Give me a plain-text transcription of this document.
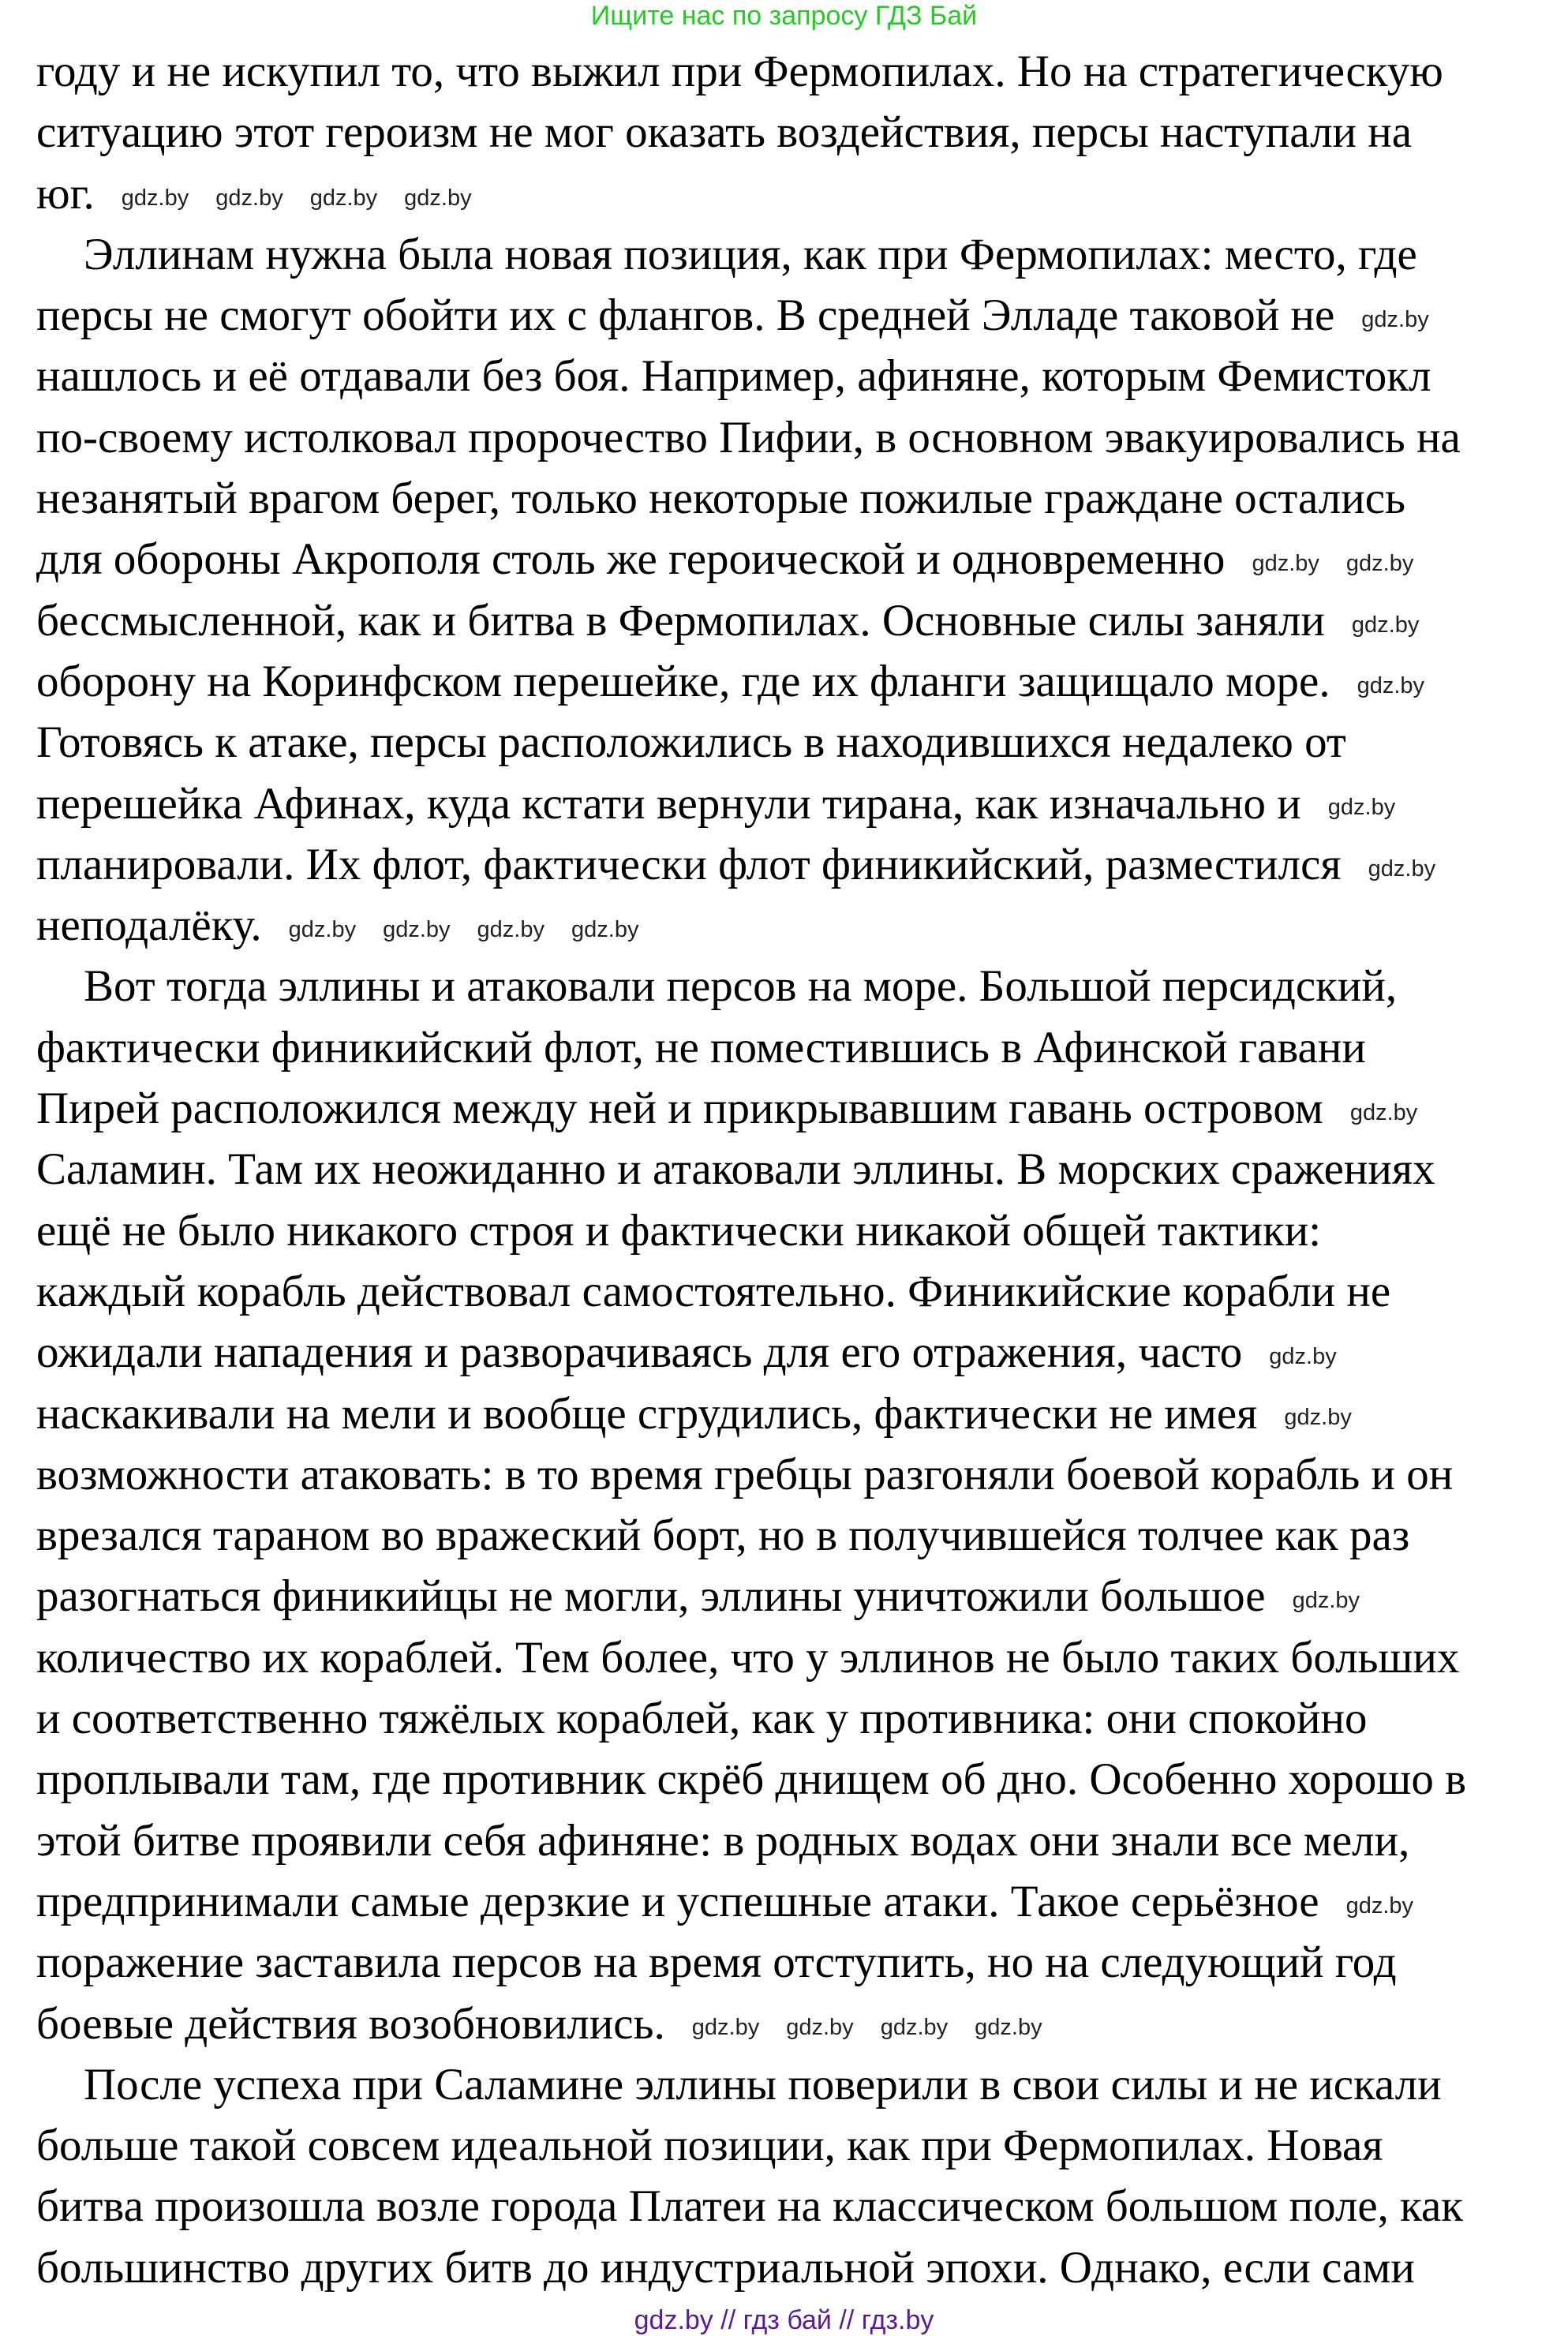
Ищите нас по запросу ГДЗ Бай
году и не искупил то, что выжил при Фермопилах. Но на стратегическую
ситуацию этот героизм не мог оказать воздействия, персы наступали на
юг. gdz.by gdz.by gdz.by gdz.by
Эллинам нужна была новая позиция, как при Фермопилах: место, где
персы не смогут обойти их с флангов. В средней Элладе таковой не gdz.by
нашлось и её отдавали без боя. Например, афиняне, которым Фемистокл
по-своему истолковал пророчество Пифии, в основном эвакуировались на
незанятый врагом берег, только некоторые пожилые граждане остались
для обороны Акрополя столь же героической и одновременно gdz.by gdz.by
бессмысленной, как и битва в Фермопилах. Основные силы заняли gdz.by
оборону на Коринфском перешейке, где их фланги защищало море. gdz.by
Готовясь к атаке, персы расположились в находившихся недалеко от
перешейка Афинах, куда кстати вернули тирана, как изначально и gdz.by
планировали. Их флот, фактически флот финикийский, разместился gdz.by
неподалёку. gdz.by gdz.by gdz.by gdz.by
Вот тогда эллины и атаковали персов на море. Большой персидский,
фактически финикийский флот, не поместившись в Афинской гавани
Пирей расположился между ней и прикрывавшим гавань островом gdz.by
Саламин. Там их неожиданно и атаковали эллины. В морских сражениях
ещё не было никакого строя и фактически никакой общей тактики:
каждый корабль действовал самостоятельно. Финикийские корабли не
ожидали нападения и разворачиваясь для его отражения, часто gdz.by
наскакивали на мели и вообще сгрудились, фактически не имея gdz.by
возможности атаковать: в то время гребцы разгоняли боевой корабль и он
врезался тараном во вражеский борт, но в получившейся толчее как раз
разогнаться финикийцы не могли, эллины уничтожили большое gdz.by
количество их кораблей. Тем более, что у эллинов не было таких больших
и соответственно тяжёлых кораблей, как у противника: они спокойно
проплывали там, где противник скрёб днищем об дно. Особенно хорошо в
этой битве проявили себя афиняне: в родных водах они знали все мели,
предпринимали самые дерзкие и успешные атаки. Такое серьёзное gdz.by
поражение заставила персов на время отступить, но на следующий год
боевые действия возобновились. gdz.by gdz.by gdz.by gdz.by
После успеха при Саламине эллины поверили в свои силы и не искали
больше такой совсем идеальной позиции, как при Фермопилах. Новая
битва произошла возле города Платеи на классическом большом поле, как
большинство других битв до индустриальной эпохи. Однако, если сами
gdz.by // гдз бай // гдз.by
